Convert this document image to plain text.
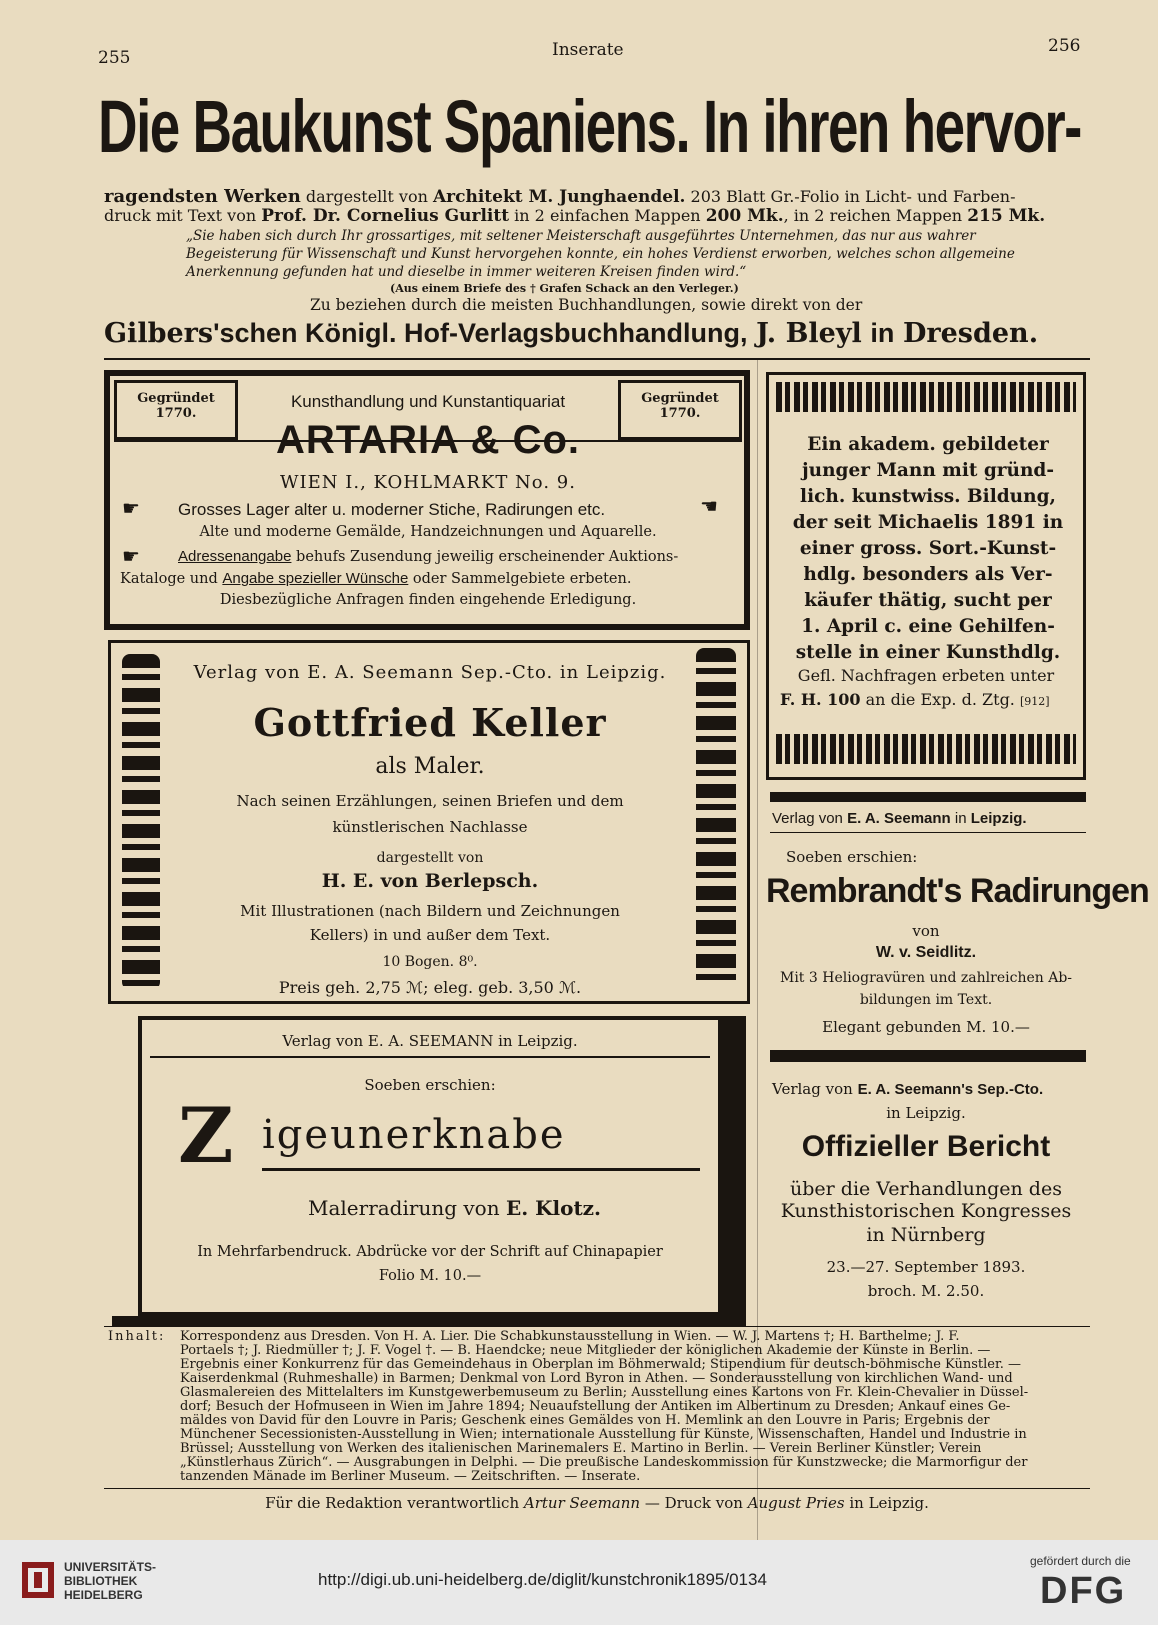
255	Inserate	256
Die Baukunst Spaniens. In ihren hervor-
ragendsten Werken dargestellt von Architekt M. Junghaendel. 203 Blatt Gr.-Folio in Licht- und Farben-
druck mit Text von Prof. Dr. Cornelius Gurlitt in 2 einfachen Mappen 200 Mk., in 2 reichen Mappen 215 Mk.
„Sie haben sich durch Ihr grossartiges, mit seltener Meisterschaft ausgeführtes Unternehmen, das nur aus wahrer
Begeisterung für Wissenschaft und Kunst hervorgehen konnte, ein hohes Verdienst erworben, welches schon allgemeine
Anerkennung gefunden hat und dieselbe in immer weiteren Kreisen finden wird.“
(Aus einem Briefe des † Grafen Schack an den Verleger.)
Zu beziehen durch die meisten Buchhandlungen, sowie direkt von der
Gilbers'schen Königl. Hof-Verlagsbuchhandlung, J. Bleyl in Dresden.
Gegründet
1770.
Gegründet
1770.
Kunsthandlung und Kunstantiquariat
ARTARIA & Co.
WIEN I., KOHLMARKT No. 9.
☛	☛
Grosses Lager alter u. moderner Stiche, Radirungen etc.
Alte und moderne Gemälde, Handzeichnungen und Aquarelle.
☛	Adressenangabe behufs Zusendung jeweilig erscheinender Auktions-
Kataloge und Angabe spezieller Wünsche oder Sammelgebiete erbeten.
Diesbezügliche Anfragen finden eingehende Erledigung.
Ein akadem. gebildeter
junger Mann mit gründ-
lich. kunstwiss. Bildung,
der seit Michaelis 1891 in
einer gross. Sort.-Kunst-
hdlg. besonders als Ver-
käufer thätig, sucht per
1. April c. eine Gehilfen-
stelle in einer Kunsthdlg.
Gefl. Nachfragen erbeten unter
F. H. 100 an die Exp. d. Ztg. [912]
Verlag von E. A. Seemann Sep.-Cto. in Leipzig.
Gottfried Keller
als Maler.
Nach seinen Erzählungen, seinen Briefen und dem
künstlerischen Nachlasse
dargestellt von
H. E. von Berlepsch.
Mit Illustrationen (nach Bildern und Zeichnungen
Kellers) in und außer dem Text.
10 Bogen. 8⁰.
Preis geh. 2,75 ℳ; eleg. geb. 3,50 ℳ.
Verlag von E. A. Seemann in Leipzig.
Soeben erschien:
Rembrandt's Radirungen
von
W. v. Seidlitz.
Mit 3 Heliogravüren und zahlreichen Ab-
bildungen im Text.
Elegant gebunden M. 10.—
Verlag von E. A. SEEMANN in Leipzig.
Soeben erschien:
Z igeunerknabe
Malerradirung von E. Klotz.
In Mehrfarbendruck. Abdrücke vor der Schrift auf Chinapapier
Folio M. 10.—
Verlag von E. A. Seemann's Sep.-Cto.
in Leipzig.
Offizieller Bericht
über die Verhandlungen des
Kunsthistorischen Kongresses
in Nürnberg
23.—27. September 1893.
broch. M. 2.50.
Inhalt: Korrespondenz aus Dresden. Von H. A. Lier. Die Schabkunstausstellung in Wien. — W. J. Martens †; H. Barthelme; J. F.
Portaels †; J. Riedmüller †; J. F. Vogel †. — B. Haendcke; neue Mitglieder der königlichen Akademie der Künste in Berlin. —
Ergebnis einer Konkurrenz für das Gemeindehaus in Oberplan im Böhmerwald; Stipendium für deutsch-böhmische Künstler. —
Kaiserdenkmal (Ruhmeshalle) in Barmen; Denkmal von Lord Byron in Athen. — Sonderausstellung von kirchlichen Wand- und
Glasmalereien des Mittelalters im Kunstgewerbemuseum zu Berlin; Ausstellung eines Kartons von Fr. Klein-Chevalier in Düssel-
dorf; Besuch der Hofmuseen in Wien im Jahre 1894; Neuaufstellung der Antiken im Albertinum zu Dresden; Ankauf eines Ge-
mäldes von David für den Louvre in Paris; Geschenk eines Gemäldes von H. Memlink an den Louvre in Paris; Ergebnis der
Münchener Secessionisten-Ausstellung in Wien; internationale Ausstellung für Künste, Wissenschaften, Handel und Industrie in
Brüssel; Ausstellung von Werken des italienischen Marinemalers E. Martino in Berlin. — Verein Berliner Künstler; Verein
„Künstlerhaus Zürich“. — Ausgrabungen in Delphi. — Die preußische Landeskommission für Kunstzwecke; die Marmorfigur der
tanzenden Mänade im Berliner Museum. — Zeitschriften. — Inserate.
Für die Redaktion verantwortlich Artur Seemann — Druck von August Pries in Leipzig.
UNIVERSITÄTS-
BIBLIOTHEK
HEIDELBERG
http://digi.ub.uni-heidelberg.de/diglit/kunstchronik1895/0134
gefördert durch die
DFG
